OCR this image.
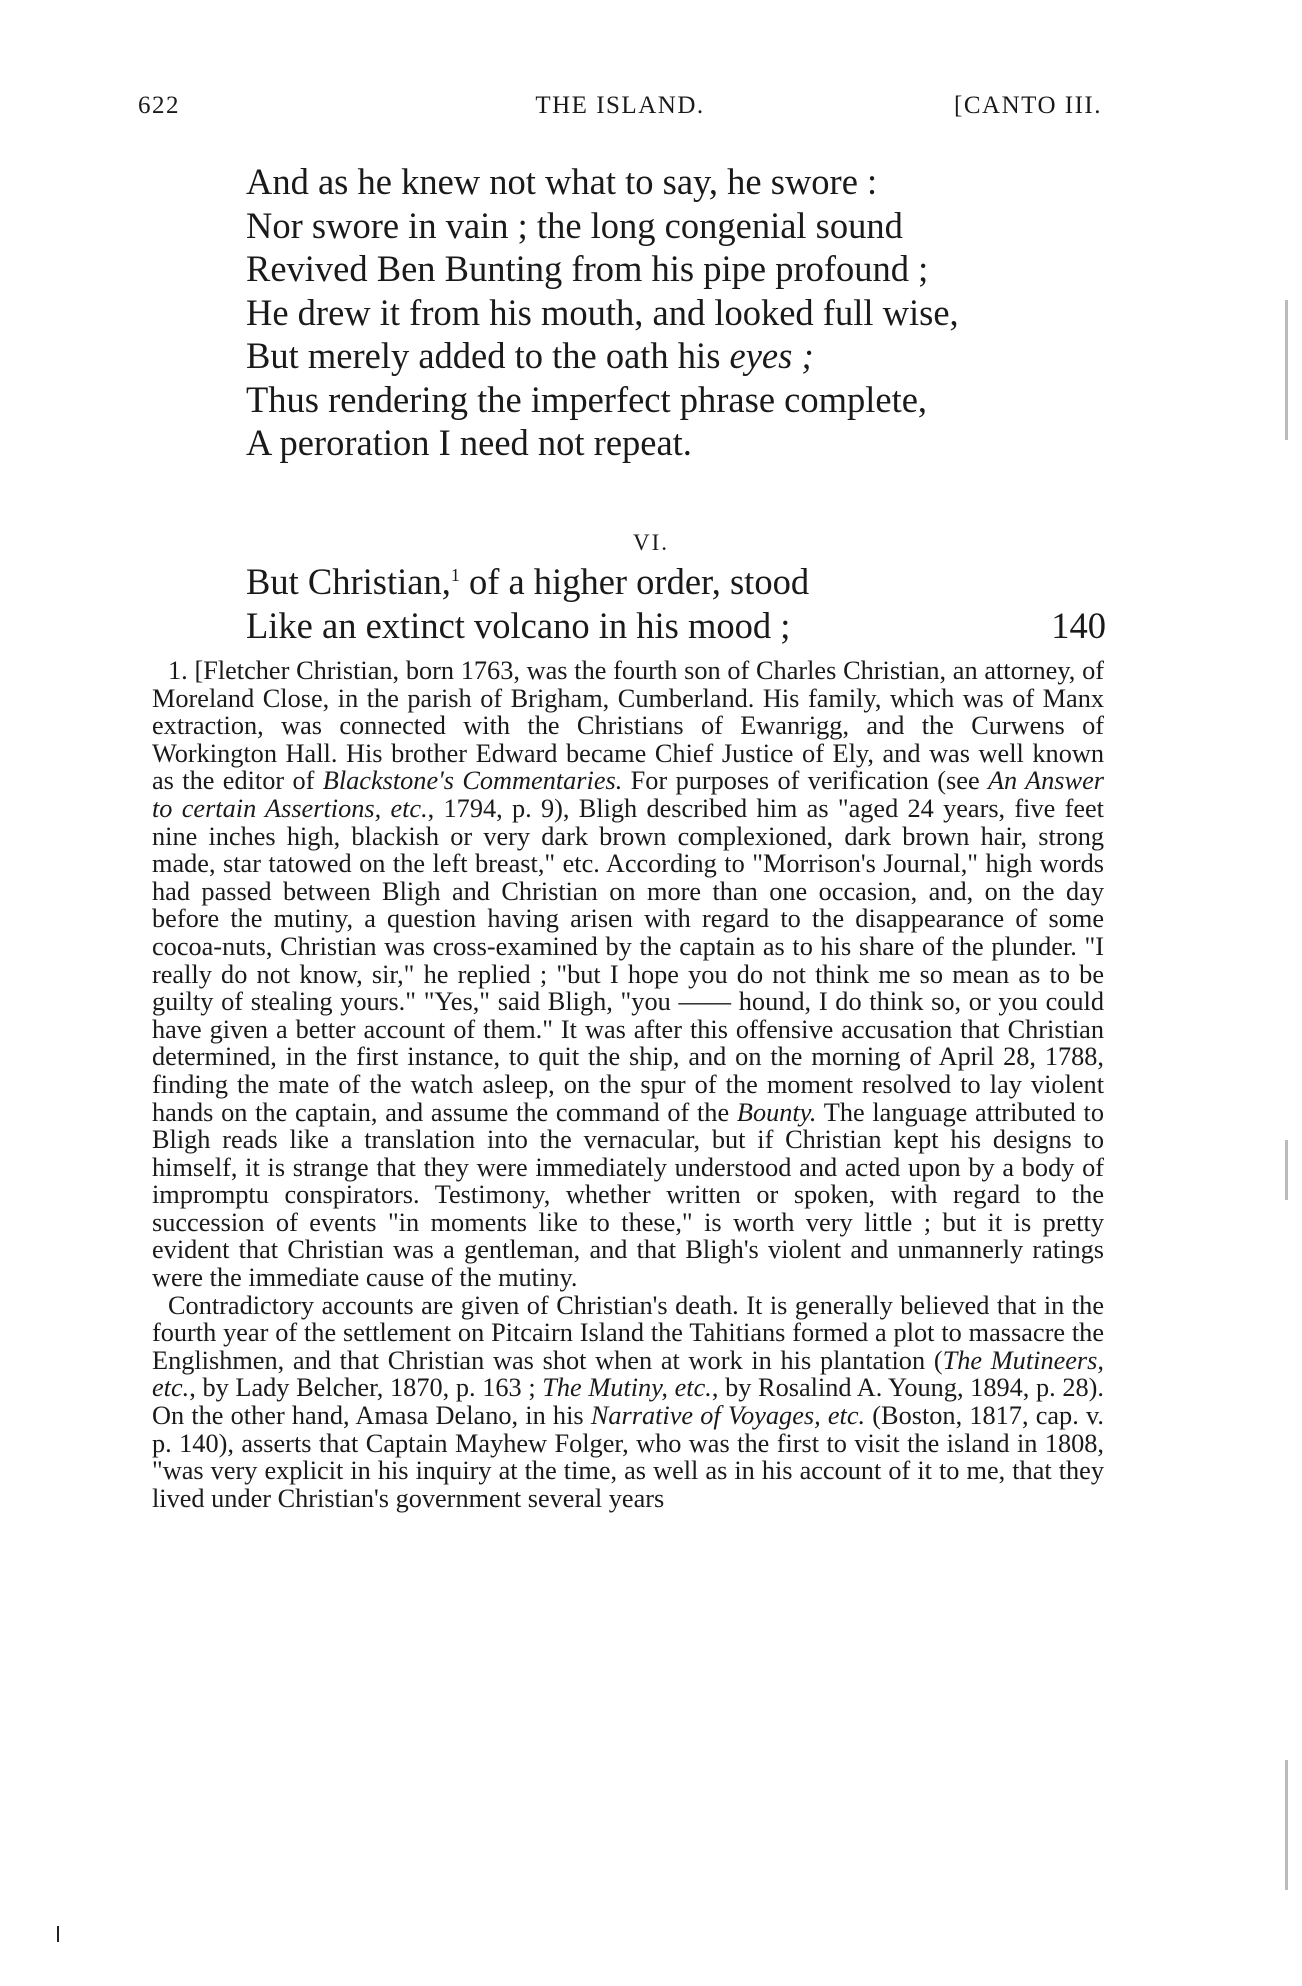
622	THE ISLAND.	[CANTO III.
And as he knew not what to say, he swore :
Nor swore in vain ; the long congenial sound
Revived Ben Bunting from his pipe profound ;
He drew it from his mouth, and looked full wise,
But merely added to the oath his eyes ;
Thus rendering the imperfect phrase complete,
A peroration I need not repeat.
VI.
But Christian,$^1$ of a higher order, stood
Like an extinct volcano in his mood ;	140

1. [Fletcher Christian, born 1763, was the fourth son of Charles Christian, an attorney, of Moreland Close, in the parish of Brigham, Cumberland. His family, which was of Manx extraction, was connected with the Christians of Ewanrigg, and the Curwens of Workington Hall. His brother Edward became Chief Justice of Ely, and was well known as the editor of Blackstone's Commentaries. For purposes of verification (see An Answer to certain Assertions, etc., 1794, p. 9), Bligh described him as "aged 24 years, five feet nine inches high, blackish or very dark brown complexioned, dark brown hair, strong made, star tatowed on the left breast," etc. According to "Morrison's Journal," high words had passed between Bligh and Christian on more than one occasion, and, on the day before the mutiny, a question having arisen with regard to the disappearance of some cocoa-nuts, Christian was cross-examined by the captain as to his share of the plunder. "I really do not know, sir," he replied ; "but I hope you do not think me so mean as to be guilty of stealing yours." "Yes," said Bligh, "you —— hound, I do think so, or you could have given a better account of them." It was after this offensive accusation that Christian determined, in the first instance, to quit the ship, and on the morning of April 28, 1788, finding the mate of the watch asleep, on the spur of the moment resolved to lay violent hands on the captain, and assume the command of the Bounty. The language attributed to Bligh reads like a translation into the vernacular, but if Christian kept his designs to himself, it is strange that they were immediately understood and acted upon by a body of impromptu conspirators. Testimony, whether written or spoken, with regard to the succession of events "in moments like to these," is worth very little ; but it is pretty evident that Christian was a gentleman, and that Bligh's violent and unmannerly ratings were the immediate cause of the mutiny.

Contradictory accounts are given of Christian's death. It is generally believed that in the fourth year of the settlement on Pitcairn Island the Tahitians formed a plot to massacre the Englishmen, and that Christian was shot when at work in his plantation (The Mutineers, etc., by Lady Belcher, 1870, p. 163 ; The Mutiny, etc., by Rosalind A. Young, 1894, p. 28). On the other hand, Amasa Delano, in his Narrative of Voyages, etc. (Boston, 1817, cap. v. p. 140), asserts that Captain Mayhew Folger, who was the first to visit the island in 1808, "was very explicit in his inquiry at the time, as well as in his account of it to me, that they lived under Christian's government several years
